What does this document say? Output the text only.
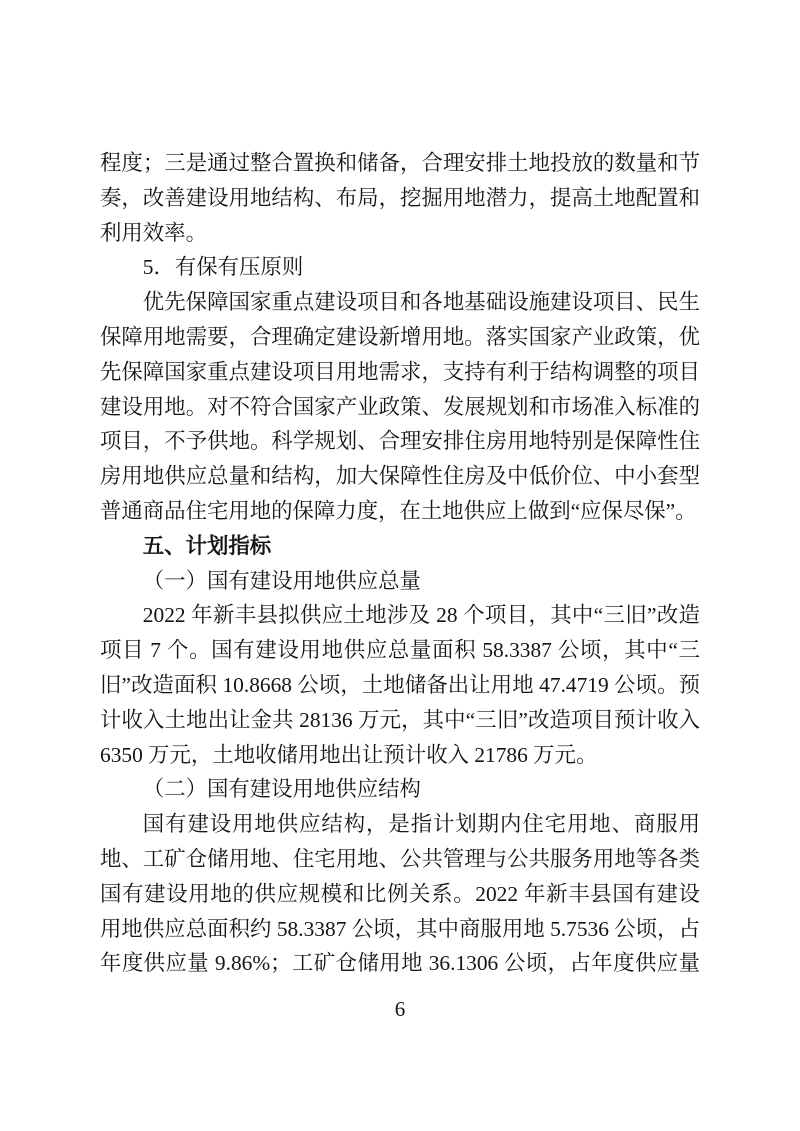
程度；三是通过整合置换和储备，合理安排土地投放的数量和节奏，改善建设用地结构、布局，挖掘用地潜力，提高土地配置和利用效率。

5．有保有压原则

优先保障国家重点建设项目和各地基础设施建设项目、民生保障用地需要，合理确定建设新增用地。落实国家产业政策，优先保障国家重点建设项目用地需求，支持有利于结构调整的项目建设用地。对不符合国家产业政策、发展规划和市场准入标准的项目，不予供地。科学规划、合理安排住房用地特别是保障性住房用地供应总量和结构，加大保障性住房及中低价位、中小套型普通商品住宅用地的保障力度，在土地供应上做到“应保尽保”。

五、计划指标

（一）国有建设用地供应总量

2022 年新丰县拟供应土地涉及 28 个项目，其中“三旧”改造项目 7 个。国有建设用地供应总量面积 58.3387 公顷，其中“三旧”改造面积 10.8668 公顷，土地储备出让用地 47.4719 公顷。预计收入土地出让金共 28136 万元，其中“三旧”改造项目预计收入 6350 万元，土地收储用地出让预计收入 21786 万元。

（二）国有建设用地供应结构

国有建设用地供应结构，是指计划期内住宅用地、商服用地、工矿仓储用地、住宅用地、公共管理与公共服务用地等各类国有建设用地的供应规模和比例关系。2022 年新丰县国有建设用地供应总面积约 58.3387 公顷，其中商服用地 5.7536 公顷，占年度供应量 9.86%；工矿仓储用地 36.1306 公顷，占年度供应量

6
